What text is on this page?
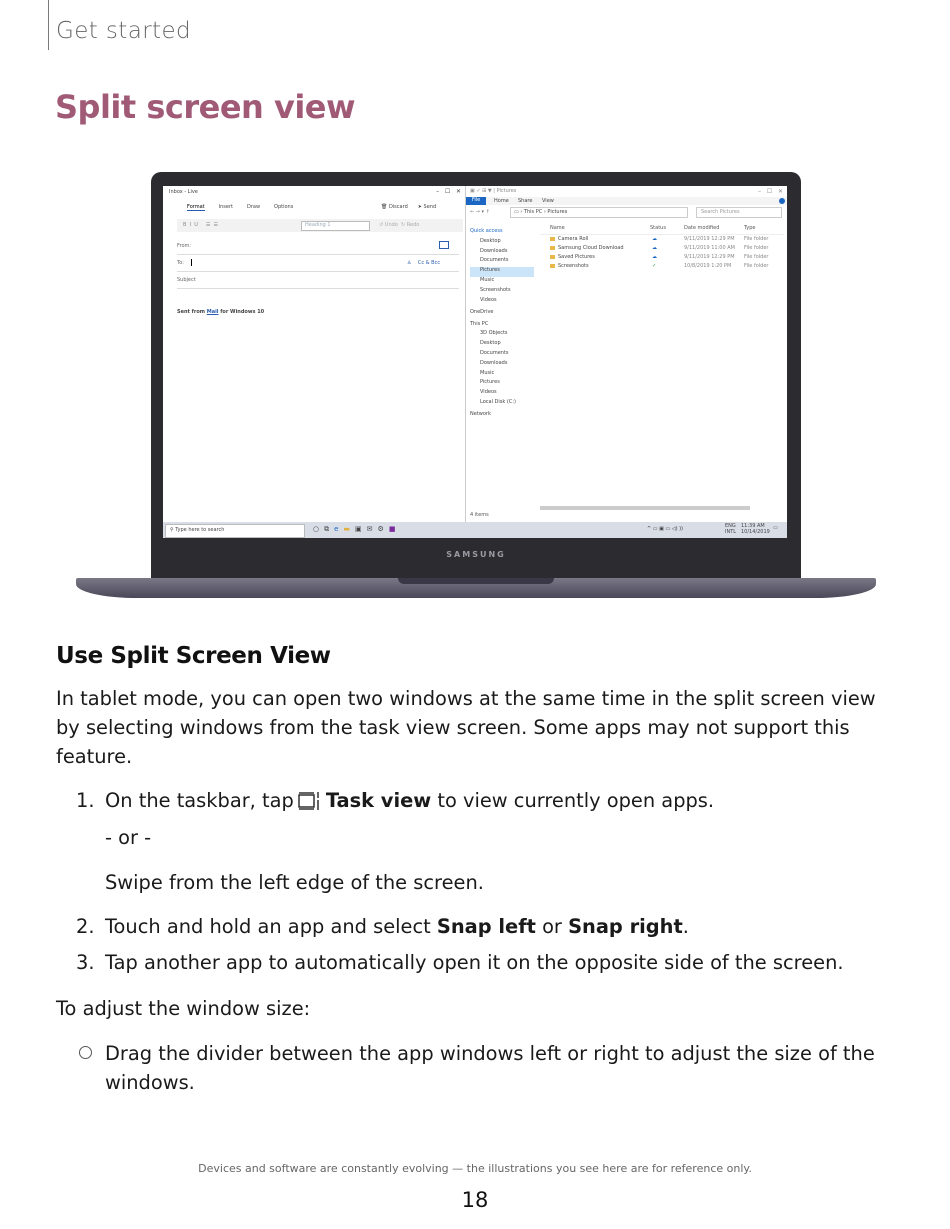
Get started
Split screen view
Inbox - Live	–   ☐   ✕
Format	Insert	Draw	Options	🗑 Discard ➤ Send
B  I  U     ☰  ☰	Heading 1	↺ Undo  ↻ Redo
From:
To:	♙    Cc & Bcc
Subject
Sent from Mail for Windows 10
▣ ✓ ⊞ ▼ | Pictures	–   ☐   ✕
File	Home Share View
← → ▾ ↑	▭ › This PC › Pictures	Search Pictures
Quick access
Desktop
Downloads
Documents
Pictures
Music
Screenshots
Videos
OneDrive
This PC
3D Objects
Desktop
Documents
Downloads
Music
Pictures
Videos
Local Disk (C:)
Network
Name	Status	Date modified	Type
Camera Roll	☁	9/11/2019 12:29 PM File folder
Samsung Cloud Download	☁	9/11/2019 11:00 AM File folder
Saved Pictures	☁	9/11/2019 12:29 PM File folder
Screenshots	✓	10/8/2019 1:20 PM	File folder
4 items
⚲ Type here to search	○⧉e▬▣✉⚙■	^ ▭ ▣ ▭ ◁) ))	ENG
INTL
11:39 AM
10/14/2019
▭
SAMSUNG
Use Split Screen View
In tablet mode, you can open two windows at the same time in the split screen view by selecting windows from the task view screen. Some apps may not support this feature.
1. On the taskbar, tap Task view to view currently open apps.
- or -
Swipe from the left edge of the screen.
2. Touch and hold an app and select Snap left or Snap right.
3. Tap another app to automatically open it on the opposite side of the screen.
To adjust the window size:
Drag the divider between the app windows left or right to adjust the size of the windows.
Devices and software are constantly evolving — the illustrations you see here are for reference only.
18
